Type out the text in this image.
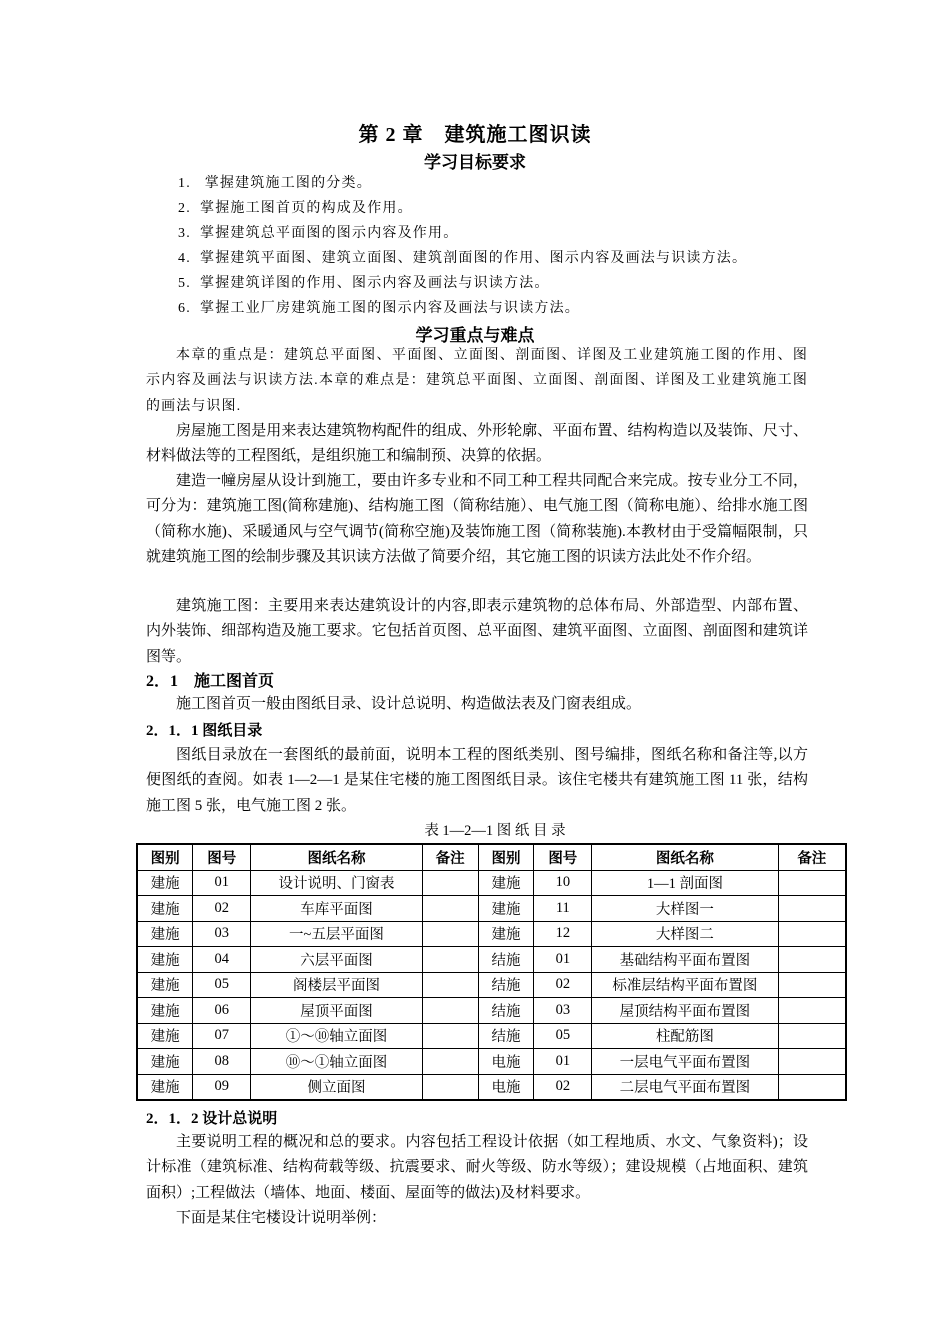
第 2 章　建筑施工图识读
学习目标要求
1. 掌握建筑施工图的分类。
2. 掌握施工图首页的构成及作用。
3. 掌握建筑总平面图的图示内容及作用。
4. 掌握建筑平面图、建筑立面图、建筑剖面图的作用、图示内容及画法与识读方法。
5. 掌握建筑详图的作用、图示内容及画法与识读方法。
6. 掌握工业厂房建筑施工图的图示内容及画法与识读方法。
学习重点与难点

本章的重点是：建筑总平面图、平面图、立面图、剖面图、详图及工业建筑施工图的作用、图示内容及画法与识读方法.本章的难点是：建筑总平面图、立面图、剖面图、详图及工业建筑施工图的画法与识图.

房屋施工图是用来表达建筑物构配件的组成、外形轮廓、平面布置、结构构造以及装饰、尺寸、材料做法等的工程图纸，是组织施工和编制预、决算的依据。

建造一幢房屋从设计到施工，要由许多专业和不同工种工程共同配合来完成。按专业分工不同，可分为：建筑施工图(简称建施)、结构施工图（简称结施）、电气施工图（简称电施）、给排水施工图（简称水施)、采暖通风与空气调节(简称空施)及装饰施工图（简称装施).本教材由于受篇幅限制，只就建筑施工图的绘制步骤及其识读方法做了简要介绍，其它施工图的识读方法此处不作介绍。

建筑施工图：主要用来表达建筑设计的内容,即表示建筑物的总体布局、外部造型、内部布置、内外装饰、细部构造及施工要求。它包括首页图、总平面图、建筑平面图、立面图、剖面图和建筑详图等。

2．1　施工图首页

施工图首页一般由图纸目录、设计总说明、构造做法表及门窗表组成。

2．1．1 图纸目录

图纸目录放在一套图纸的最前面，说明本工程的图纸类别、图号编排，图纸名称和备注等,以方便图纸的查阅。如表 1—2—1 是某住宅楼的施工图图纸目录。该住宅楼共有建筑施工图 11 张，结构施工图 5 张，电气施工图 2 张。

表 1—2—1 图 纸 目 录
图别	图号	图纸名称	备注	图别	图号	图纸名称	备注
建施	01	设计说明、门窗表		建施	10	1—1 剖面图	
建施	02	车库平面图		建施	11	大样图一	
建施	03	一~五层平面图		建施	12	大样图二	
建施	04	六层平面图		结施	01	基础结构平面布置图	
建施	05	阁楼层平面图		结施	02	标准层结构平面布置图	
建施	06	屋顶平面图		结施	03	屋顶结构平面布置图	
建施	07	①～⑩轴立面图		结施	05	柱配筋图	
建施	08	⑩～①轴立面图		电施	01	一层电气平面布置图	
建施	09	侧立面图		电施	02	二层电气平面布置图	
2．1．2 设计总说明

主要说明工程的概况和总的要求。内容包括工程设计依据（如工程地质、水文、气象资料)；设计标准（建筑标准、结构荷载等级、抗震要求、耐火等级、防水等级）；建设规模（占地面积、建筑面积）;工程做法（墙体、地面、楼面、屋面等的做法)及材料要求。

下面是某住宅楼设计说明举例：
